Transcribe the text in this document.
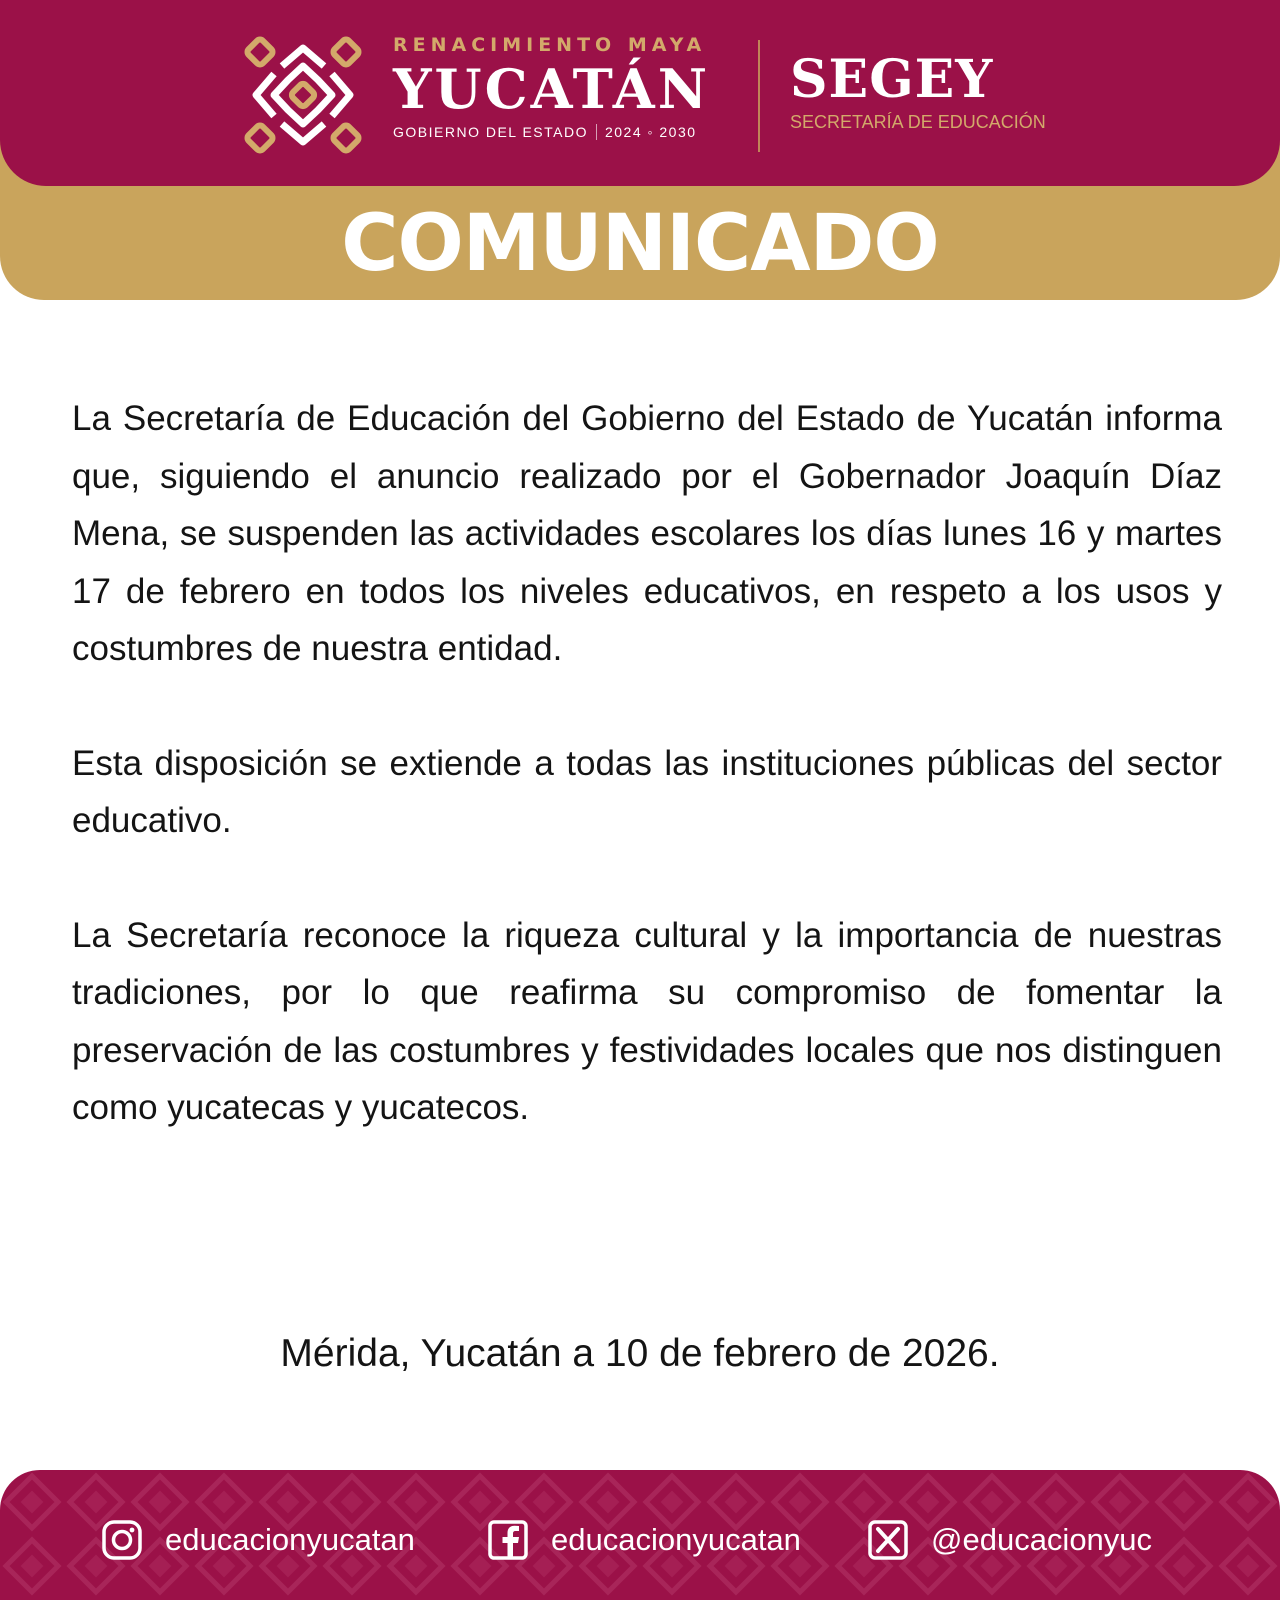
RENACIMIENTO MAYA
YUCATÁN
GOBIERNO DEL ESTADO 2024 ◦ 2030
SEGEY
SECRETARÍA DE EDUCACIÓN
COMUNICADO

La Secretaría de Educación del Gobierno del Estado de Yucatán informa que, siguiendo el anuncio realizado por el Gobernador Joaquín Díaz Mena, se suspenden las actividades escolares los días lunes 16 y martes 17 de febrero en todos los niveles educativos, en respeto a los usos y costumbres de nuestra entidad.

Esta disposición se extiende a todas las instituciones públicas del sector educativo.

La Secretaría reconoce la riqueza cultural y la importancia de nuestras tradiciones, por lo que reafirma su compromiso de fomentar la preservación de las costumbres y festividades locales que nos distinguen como yucatecas y yucatecos.

Mérida, Yucatán a 10 de febrero de 2026.
educacionyucatan	educacionyucatan	@educacionyuc
